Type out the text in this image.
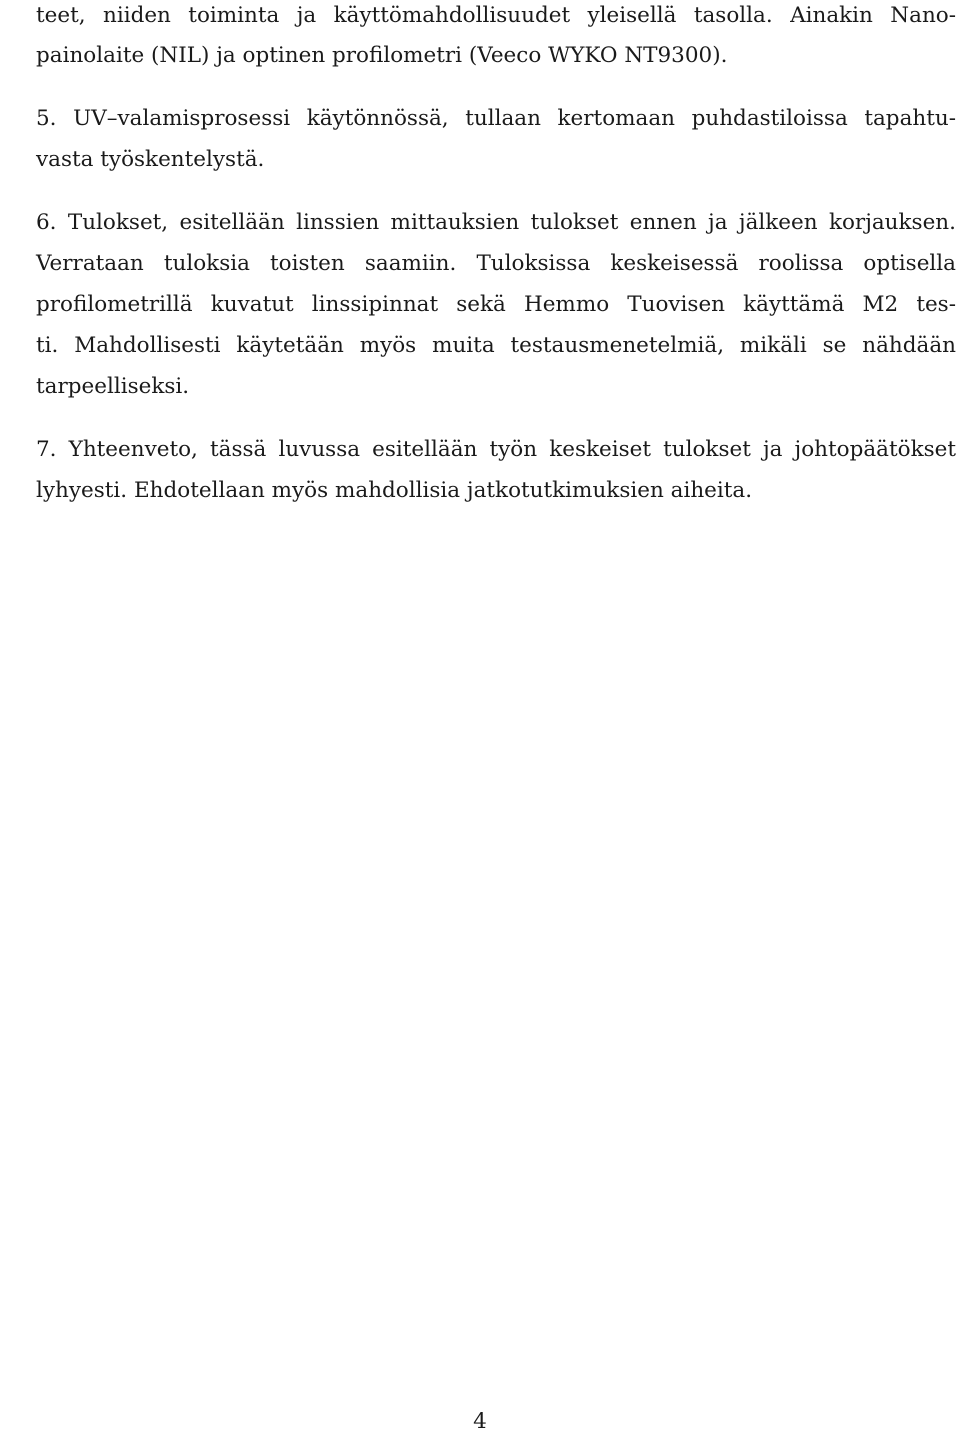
teet, niiden toiminta ja käyttömahdollisuudet yleisellä tasolla. Ainakin Nano-
painolaite (NIL) ja optinen profilometri (Veeco WYKO NT9300).
5. UV–valamisprosessi käytönnössä, tullaan kertomaan puhdastiloissa tapahtu-
vasta työskentelystä.
6. Tulokset, esitellään linssien mittauksien tulokset ennen ja jälkeen korjauksen.
Verrataan tuloksia toisten saamiin. Tuloksissa keskeisessä roolissa optisella
profilometrillä kuvatut linssipinnat sekä Hemmo Tuovisen käyttämä M2 tes-
ti. Mahdollisesti käytetään myös muita testausmenetelmiä, mikäli se nähdään
tarpeelliseksi.
7. Yhteenveto, tässä luvussa esitellään työn keskeiset tulokset ja johtopäätökset
lyhyesti. Ehdotellaan myös mahdollisia jatkotutkimuksien aiheita.
4
